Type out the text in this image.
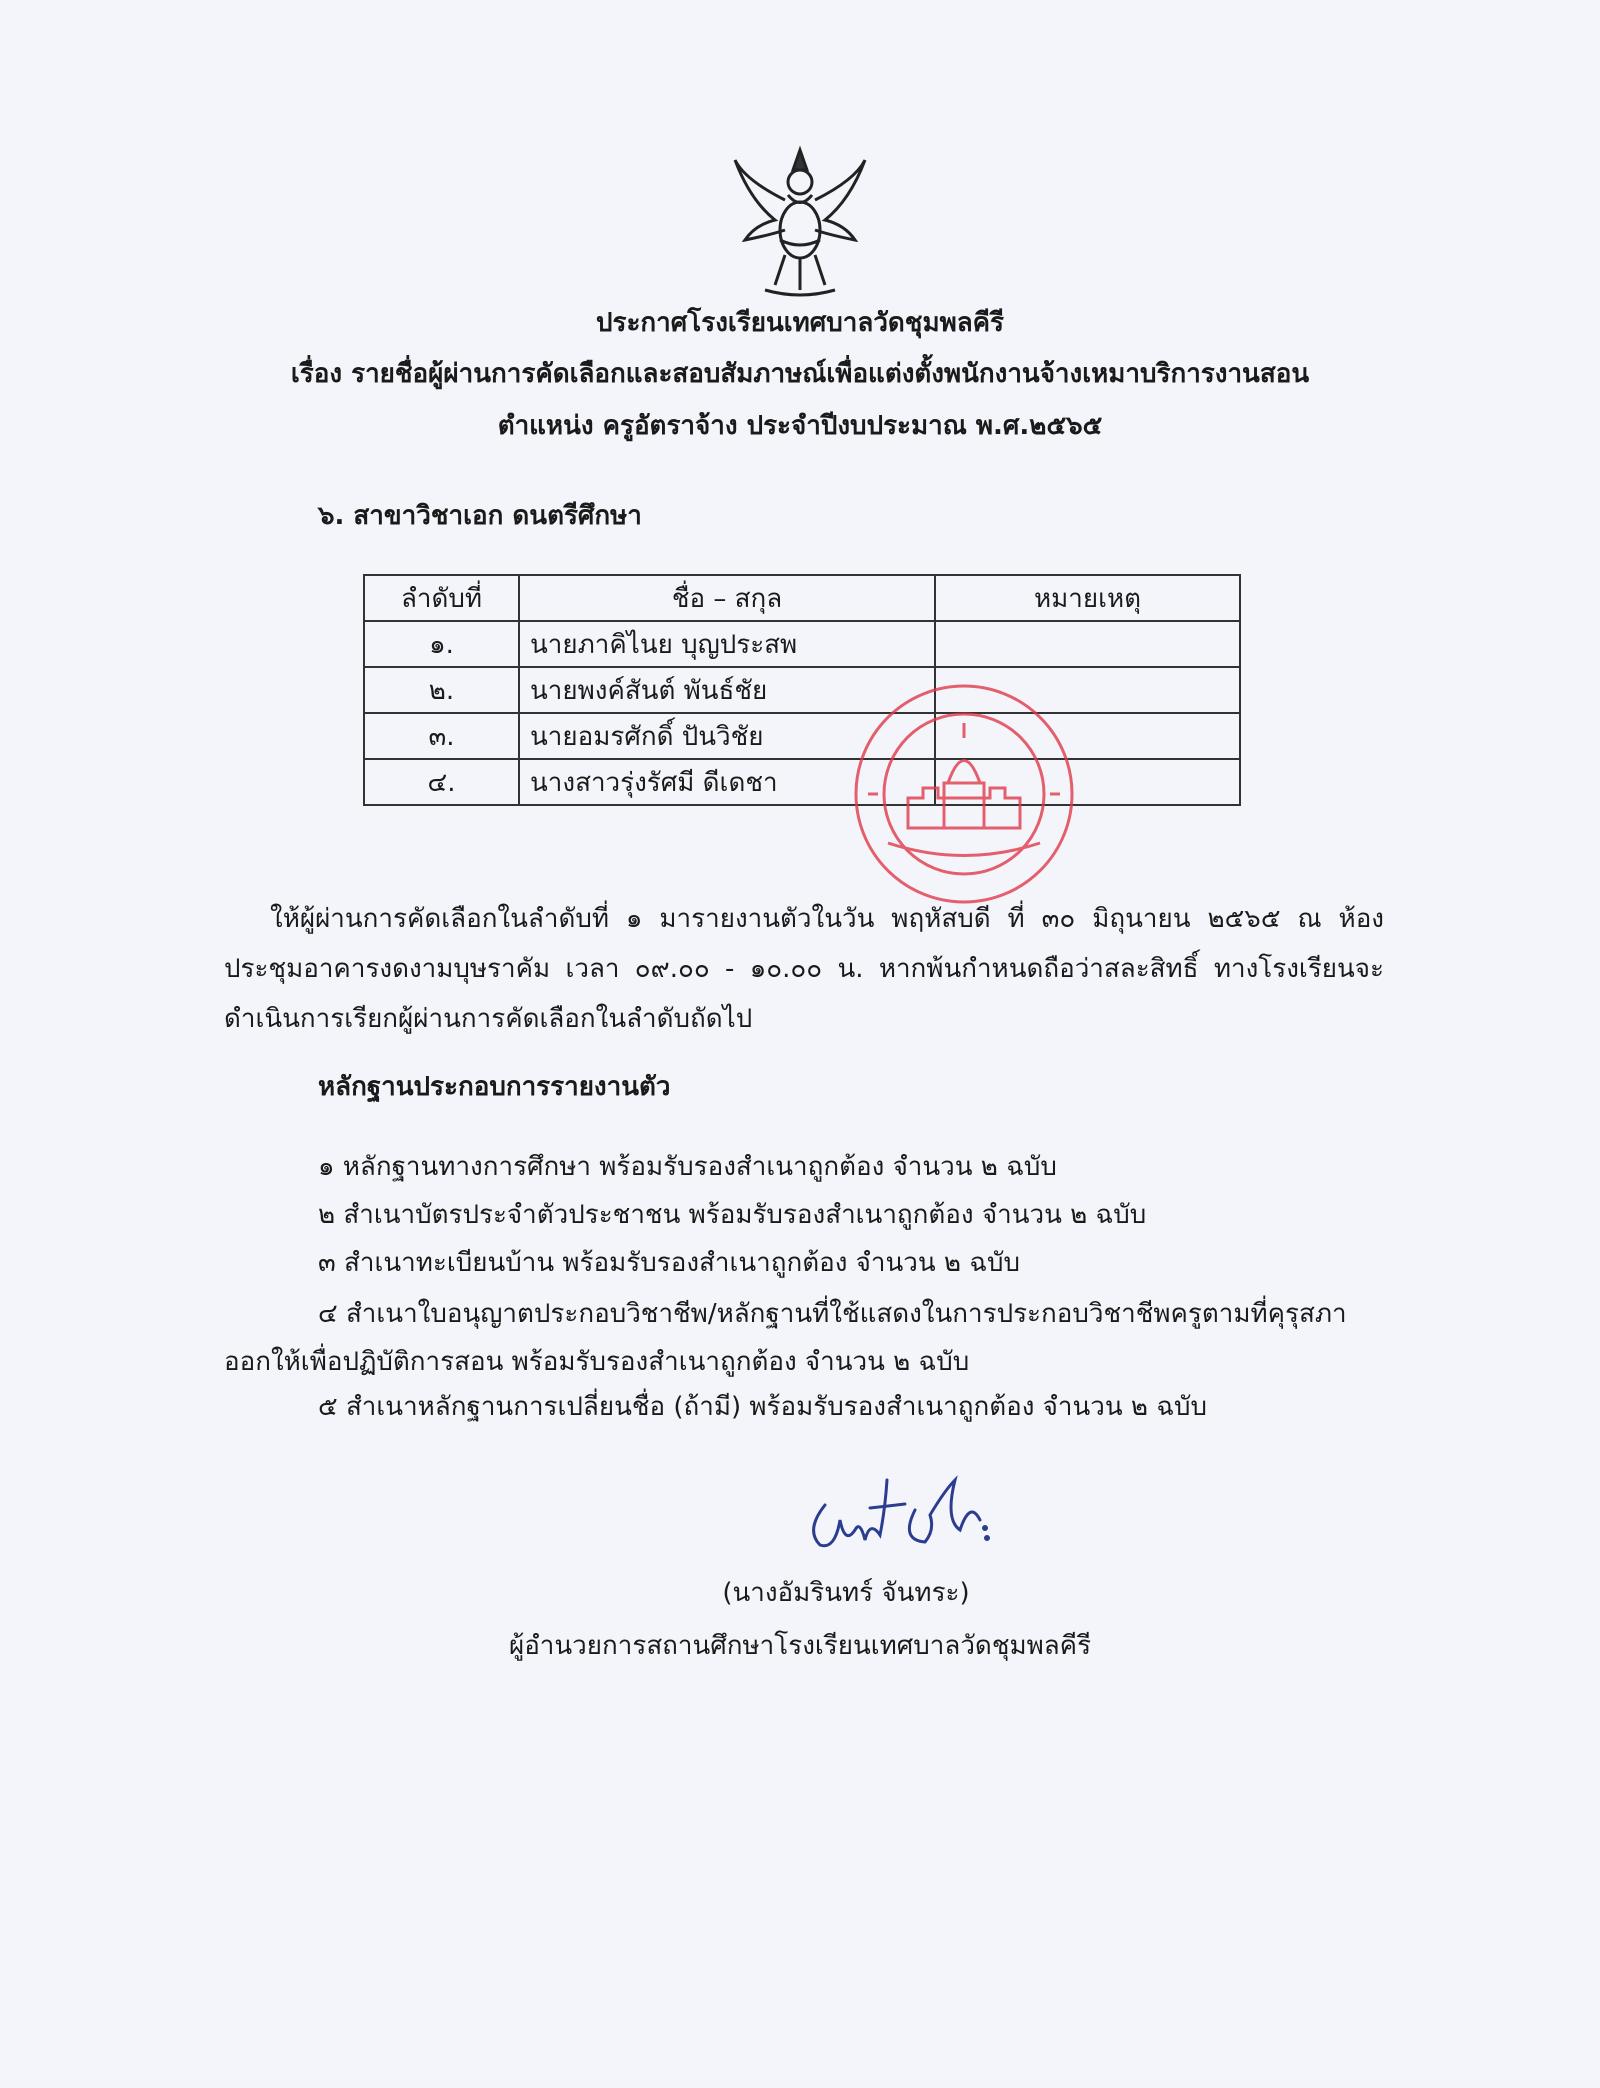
ประกาศโรงเรียนเทศบาลวัดชุมพลคีรี
เรื่อง รายชื่อผู้ผ่านการคัดเลือกและสอบสัมภาษณ์เพื่อแต่งตั้งพนักงานจ้างเหมาบริการงานสอน
ตำแหน่ง ครูอัตราจ้าง ประจำปีงบประมาณ พ.ศ.๒๕๖๕
๖. สาขาวิชาเอก ดนตรีศึกษา
ลำดับที่	ชื่อ – สกุล	หมายเหตุ
๑.	นายภาคิไนย บุญประสพ	
๒.	นายพงค์สันต์ พันธ์ชัย	
๓.	นายอมรศักดิ์ ปันวิชัย	
๔.	นางสาวรุ่งรัศมี ดีเดชา	
ให้ผู้ผ่านการคัดเลือกในลำดับที่ ๑ มารายงานตัวในวัน พฤหัสบดี ที่ ๓๐ มิถุนายน ๒๕๖๕ ณ ห้องประชุมอาคารงดงามบุษราคัม เวลา ๐๙.๐๐ - ๑๐.๐๐ น. หากพ้นกำหนดถือว่าสละสิทธิ์ ทางโรงเรียนจะดำเนินการเรียกผู้ผ่านการคัดเลือกในลำดับถัดไป
หลักฐานประกอบการรายงานตัว
๑ หลักฐานทางการศึกษา พร้อมรับรองสำเนาถูกต้อง จำนวน ๒ ฉบับ
๒ สำเนาบัตรประจำตัวประชาชน พร้อมรับรองสำเนาถูกต้อง จำนวน ๒ ฉบับ
๓ สำเนาทะเบียนบ้าน พร้อมรับรองสำเนาถูกต้อง จำนวน ๒ ฉบับ
๔ สำเนาใบอนุญาตประกอบวิชาชีพ/หลักฐานที่ใช้แสดงในการประกอบวิชาชีพครูตามที่คุรุสภา
ออกให้เพื่อปฏิบัติการสอน พร้อมรับรองสำเนาถูกต้อง จำนวน ๒ ฉบับ
๕ สำเนาหลักฐานการเปลี่ยนชื่อ (ถ้ามี) พร้อมรับรองสำเนาถูกต้อง จำนวน ๒ ฉบับ
(นางอัมรินทร์ จันทระ)
ผู้อำนวยการสถานศึกษาโรงเรียนเทศบาลวัดชุมพลคีรี
